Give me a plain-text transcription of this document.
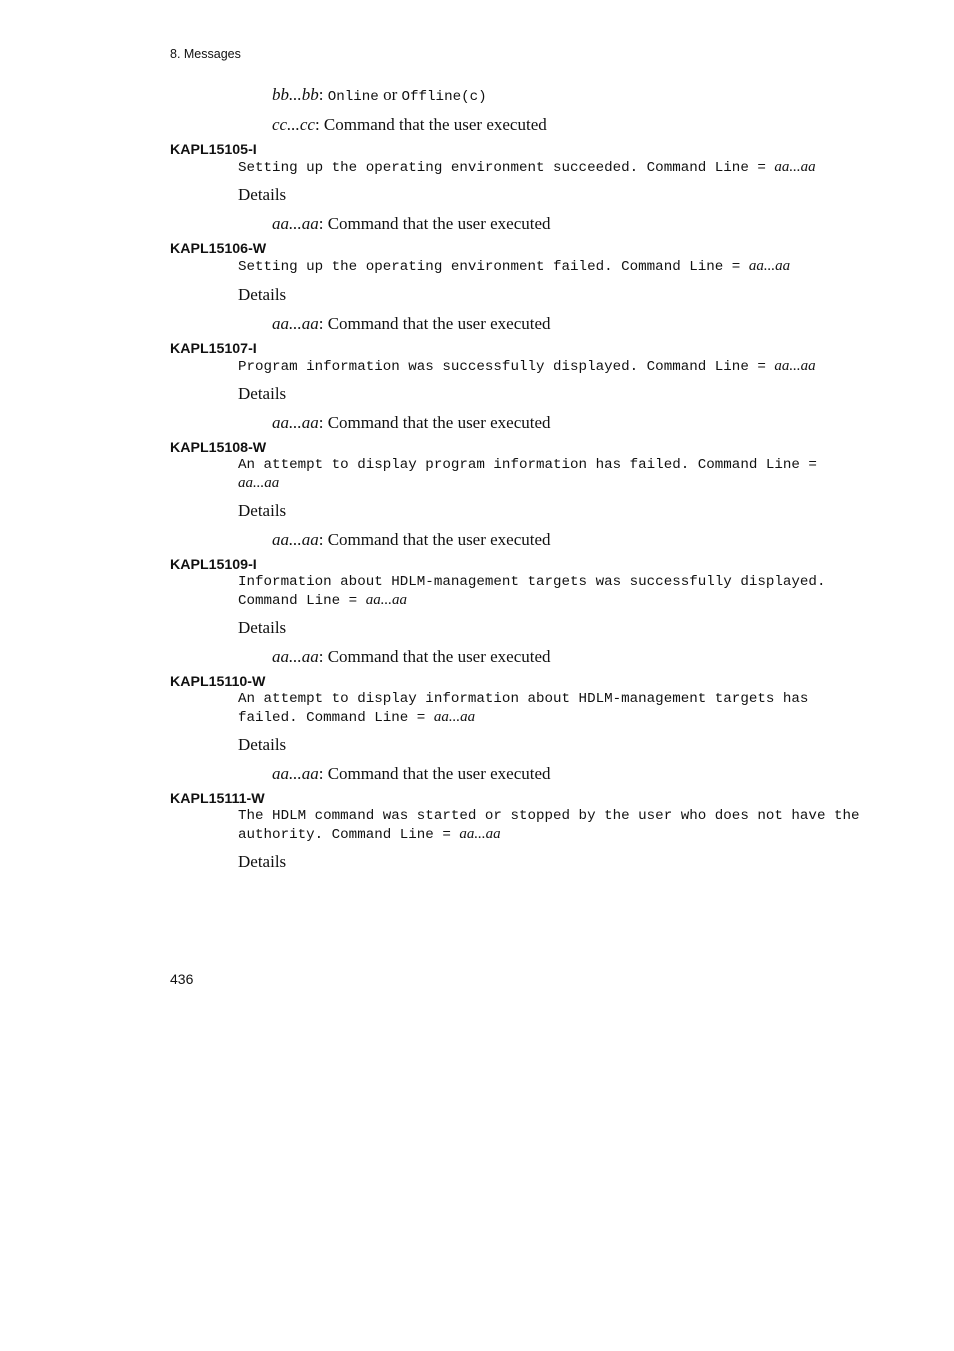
8. Messages
bb...bb: Online or Offline(c)
cc...cc: Command that the user executed
KAPL15105-I
Setting up the operating environment succeeded. Command Line = aa...aa
Details
aa...aa: Command that the user executed
KAPL15106-W
Setting up the operating environment failed. Command Line = aa...aa
Details
aa...aa: Command that the user executed
KAPL15107-I
Program information was successfully displayed. Command Line = aa...aa
Details
aa...aa: Command that the user executed
KAPL15108-W
An attempt to display program information has failed. Command Line = aa...aa
Details
aa...aa: Command that the user executed
KAPL15109-I
Information about HDLM-management targets was successfully displayed. Command Line = aa...aa
Details
aa...aa: Command that the user executed
KAPL15110-W
An attempt to display information about HDLM-management targets has failed. Command Line = aa...aa
Details
aa...aa: Command that the user executed
KAPL15111-W
The HDLM command was started or stopped by the user who does not have the authority. Command Line = aa...aa
Details
436
